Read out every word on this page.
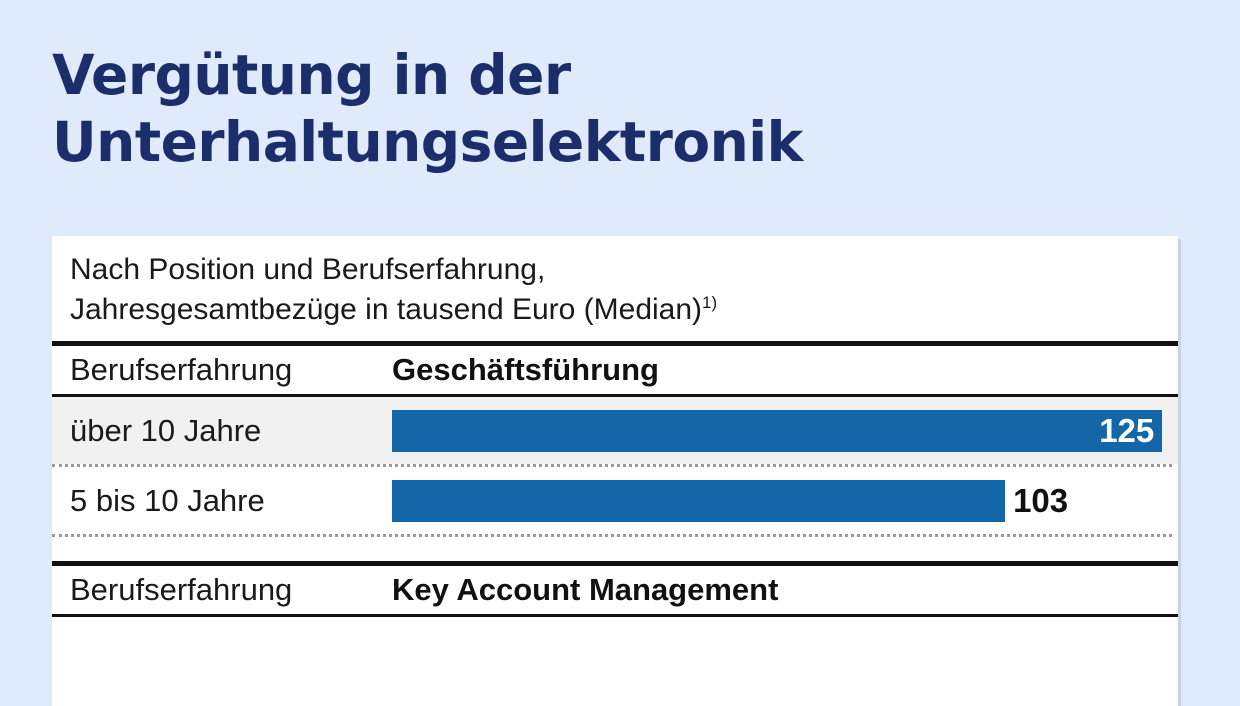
Vergütung in der
Unterhaltungselektronik
Nach Position und Berufserfahrung,
Jahresgesamtbezüge in tausend Euro (Median)$^{1)}$
Berufserfahrung	Geschäftsführung
über 10 Jahre	125
5 bis 10 Jahre	103
Berufserfahrung	Key Account Management
